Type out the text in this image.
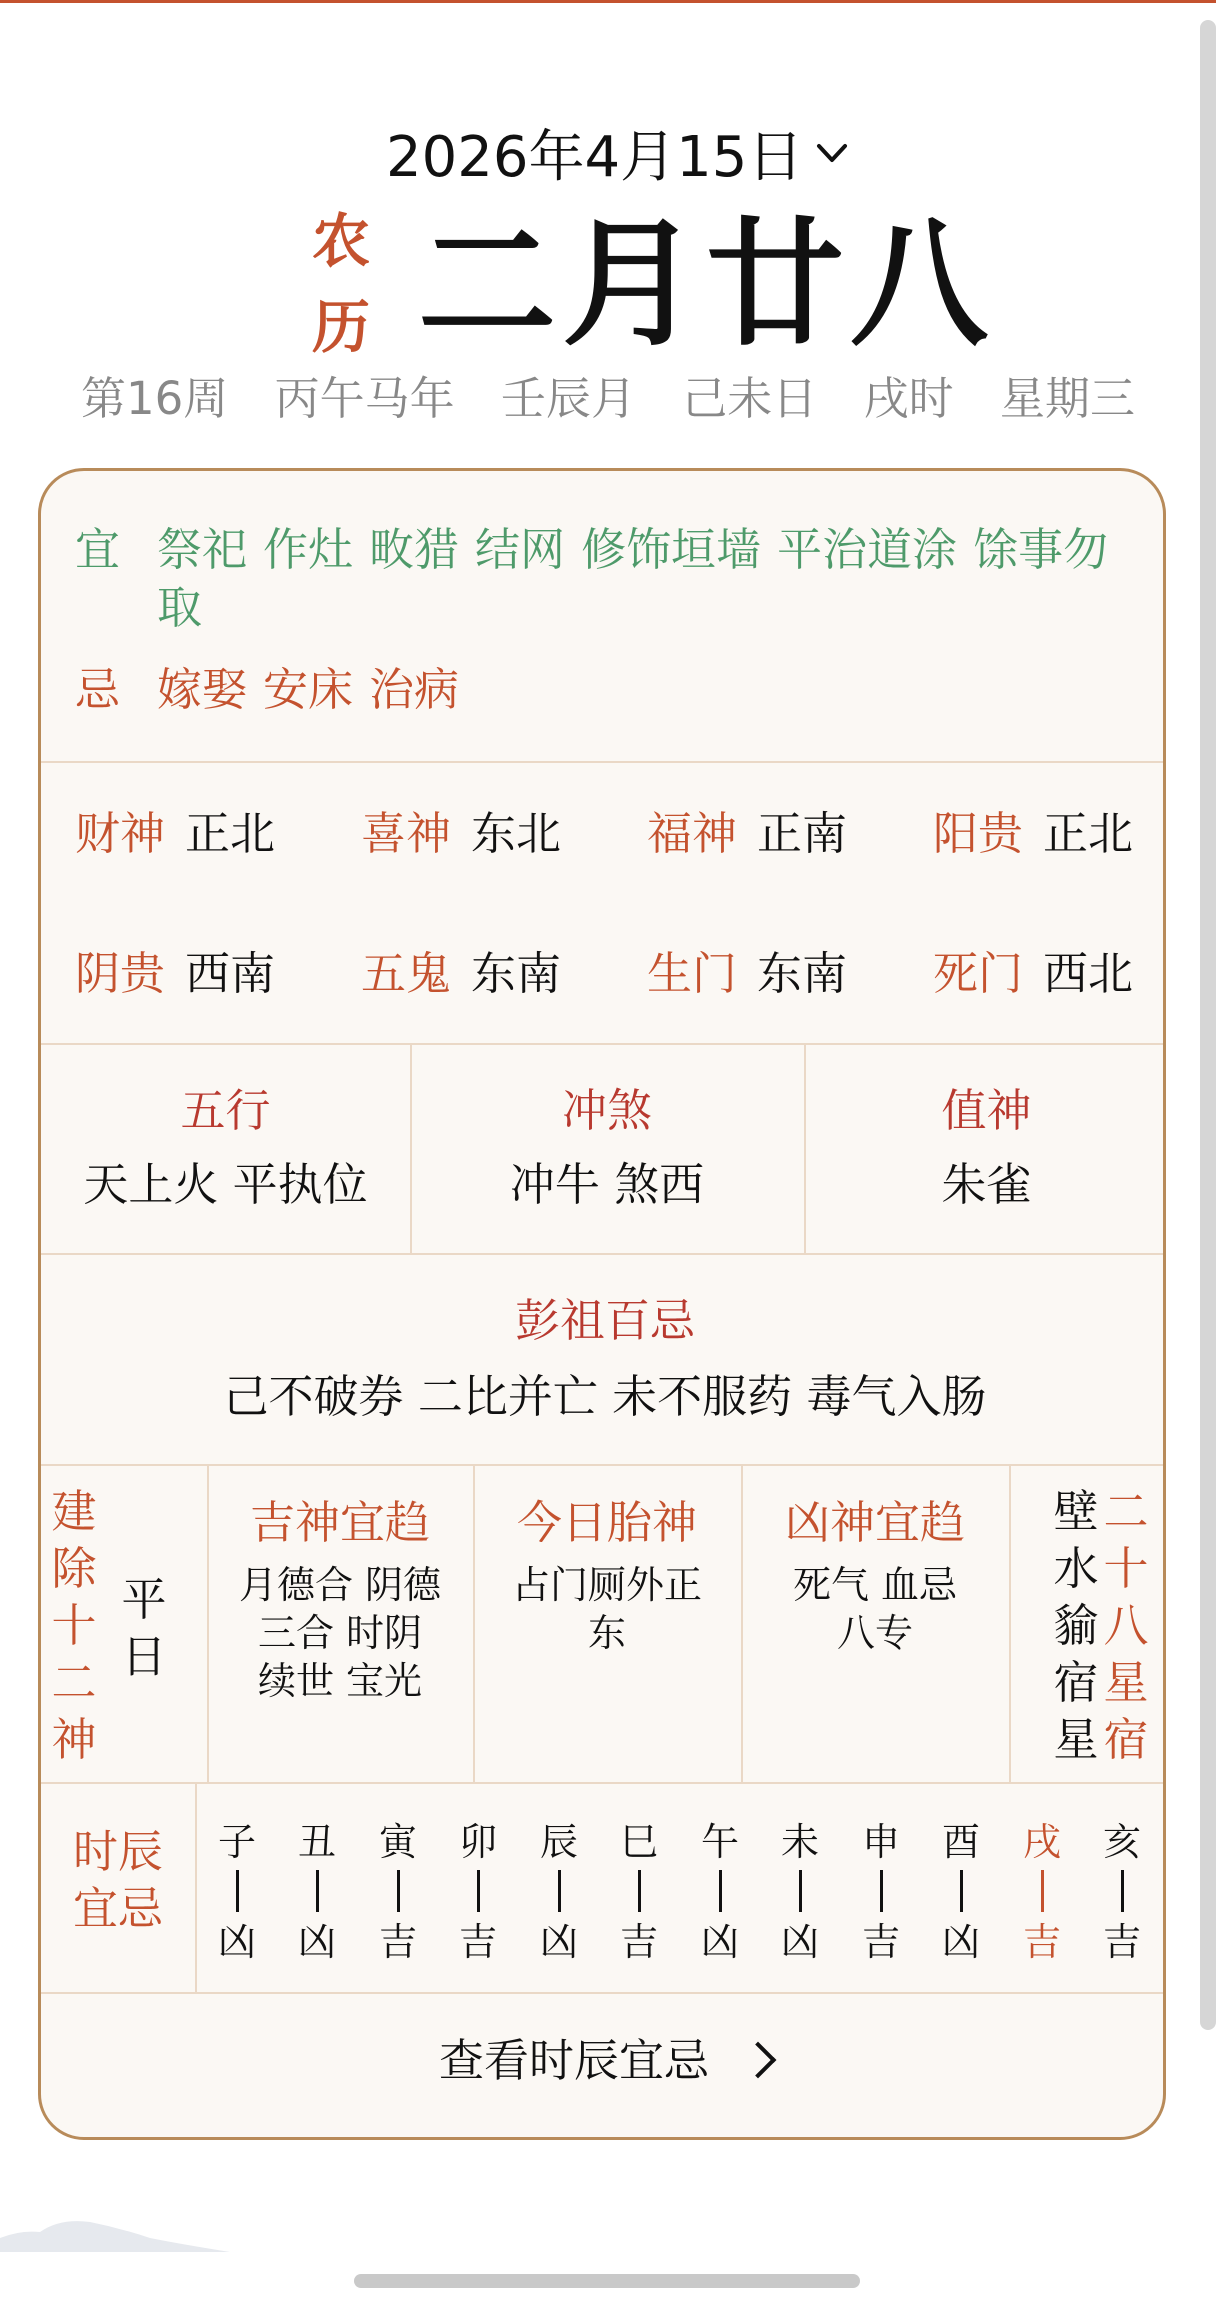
2026年4月15日
农
历 二月廿八
第16周 丙午马年 壬辰月 己未日 戌时 星期三
宜 祭祀 作灶 畋猎 结网 修饰垣墙 平治道涂 馀事勿取
忌 嫁娶 安床 治病
财神 正北 喜神 东北 福神 正南 阳贵 正北
阴贵 西南 五鬼 东南 生门 东南 死门 西北
五行
天上火 平执位
冲煞
冲牛 煞西
值神
朱雀
彭祖百忌
己不破券 二比并亡 未不服药 毒气入肠
建
除
十
二
神
平
日
吉神宜趋
月德合 阴德
三合 时阴
续世 宝光
今日胎神
占门厕外正
东
凶神宜趋
死气 血忌
八专
壁
水
貐
宿
星
二
十
八
星
宿
时辰
宜忌
子
凶
丑
凶
寅
吉
卯
吉
辰
凶
巳
吉
午
凶
未
凶
申
吉
酉
凶
戌
吉
亥
吉
查看时辰宜忌
